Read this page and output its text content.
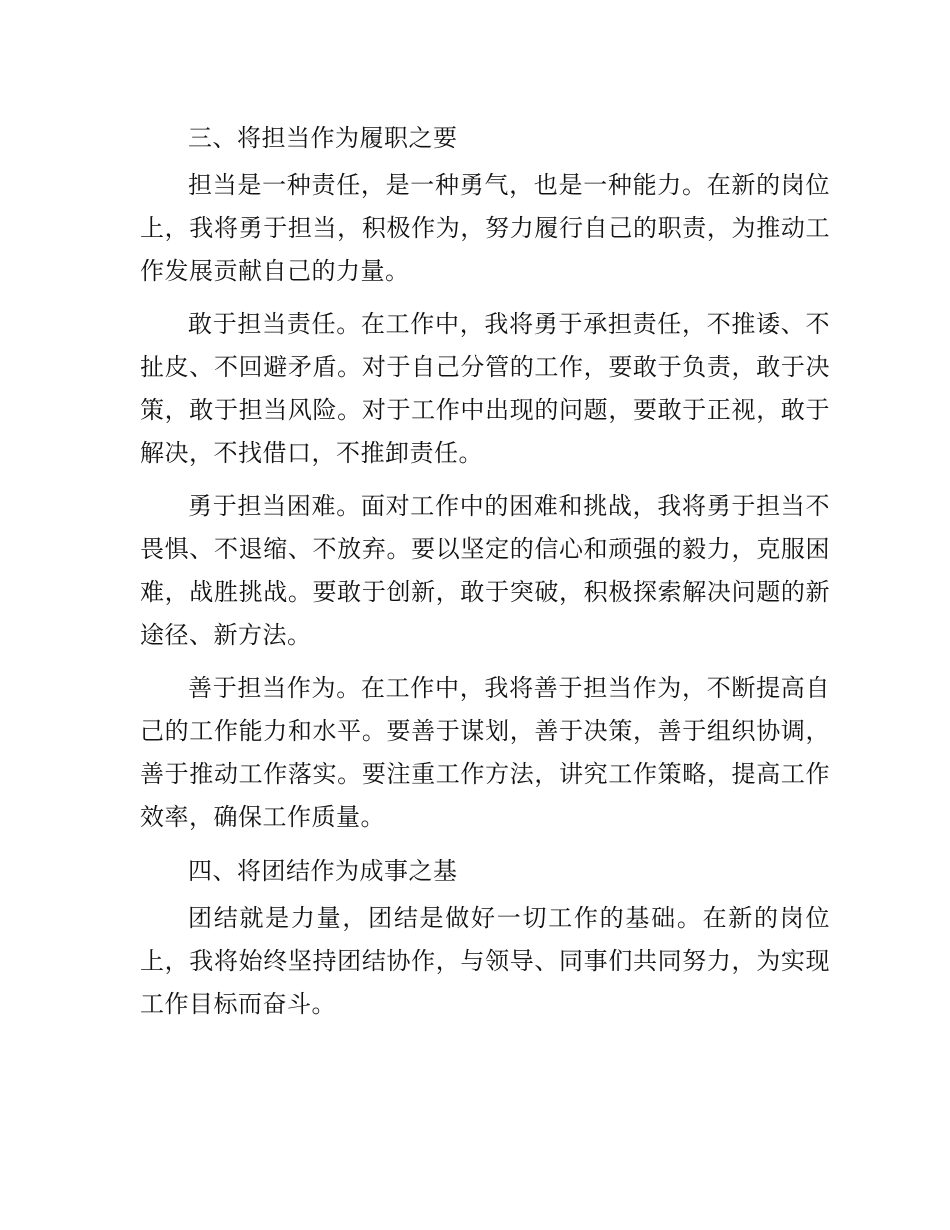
三、将担当作为履职之要

担当是一种责任，是一种勇气，也是一种能力。在新的岗位上，我将勇于担当，积极作为，努力履行自己的职责，为推动工作发展贡献自己的力量。

敢于担当责任。在工作中，我将勇于承担责任，不推诿、不扯皮、不回避矛盾。对于自己分管的工作，要敢于负责，敢于决策，敢于担当风险。对于工作中出现的问题，要敢于正视，敢于解决，不找借口，不推卸责任。

勇于担当困难。面对工作中的困难和挑战，我将勇于担当不畏惧、不退缩、不放弃。要以坚定的信心和顽强的毅力，克服困难，战胜挑战。要敢于创新，敢于突破，积极探索解决问题的新途径、新方法。

善于担当作为。在工作中，我将善于担当作为，不断提高自己的工作能力和水平。要善于谋划，善于决策，善于组织协调，善于推动工作落实。要注重工作方法，讲究工作策略，提高工作效率，确保工作质量。

四、将团结作为成事之基

团结就是力量，团结是做好一切工作的基础。在新的岗位上，我将始终坚持团结协作，与领导、同事们共同努力，为实现工作目标而奋斗。
